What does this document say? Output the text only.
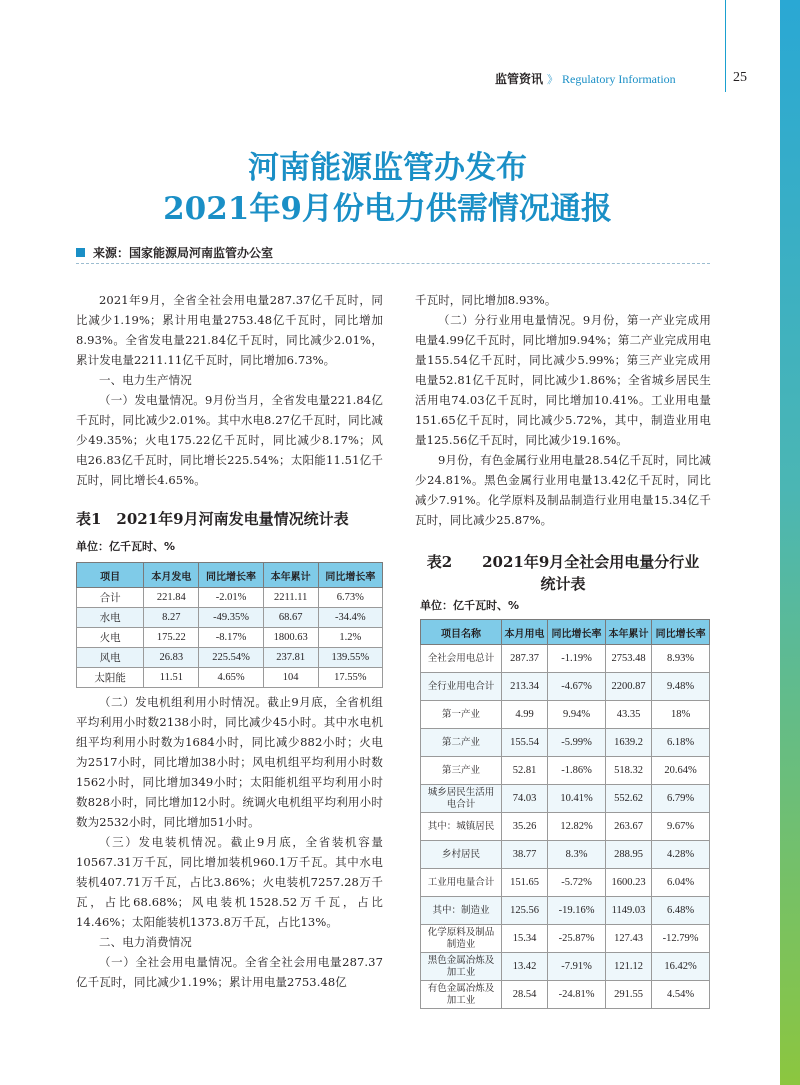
监管资讯 》 Regulatory Information	25
河南能源监管办发布
2021年9月份电力供需情况通报
来源：国家能源局河南监管办公室

2021年9月，全省全社会用电量287.37亿千瓦时，同比减少1.19%；累计用电量2753.48亿千瓦时，同比增加8.93%。全省发电量221.84亿千瓦时，同比减少2.01%，累计发电量2211.11亿千瓦时，同比增加6.73%。

一、电力生产情况

（一）发电量情况。9月份当月，全省发电量221.84亿千瓦时，同比减少2.01%。其中水电8.27亿千瓦时，同比减少49.35%；火电175.22亿千瓦时，同比减少8.17%；风电26.83亿千瓦时，同比增长225.54%；太阳能11.51亿千瓦时，同比增长4.65%。

表1　2021年9月河南发电量情况统计表
单位：亿千瓦时、%
项目	本月发电	同比增长率	本年累计	同比增长率
合计	221.84	-2.01%	2211.11	6.73%
水电	8.27	-49.35%	68.67	-34.4%
火电	175.22	-8.17%	1800.63	1.2%
风电	26.83	225.54%	237.81	139.55%
太阳能	11.51	4.65%	104	17.55%

（二）发电机组利用小时情况。截止9月底，全省机组平均利用小时数2138小时，同比减少45小时。其中水电机组平均利用小时数为1684小时，同比减少882小时；火电为2517小时，同比增加38小时；风电机组平均利用小时数1562小时，同比增加349小时；太阳能机组平均利用小时数828小时，同比增加12小时。统调火电机组平均利用小时数为2532小时，同比增加51小时。

（三）发电装机情况。截止9月底，全省装机容量10567.31万千瓦，同比增加装机960.1万千瓦。其中水电装机407.71万千瓦，占比3.86%；火电装机7257.28万千瓦，占比68.68%；风电装机1528.52万千瓦，占比14.46%；太阳能装机1373.8万千瓦，占比13%。

二、电力消费情况

（一）全社会用电量情况。全省全社会用电量287.37亿千瓦时，同比减少1.19%；累计用电量2753.48亿

千瓦时，同比增加8.93%。

（二）分行业用电量情况。9月份，第一产业完成用电量4.99亿千瓦时，同比增加9.94%；第二产业完成用电量155.54亿千瓦时，同比减少5.99%；第三产业完成用电量52.81亿千瓦时，同比减少1.86%；全省城乡居民生活用电74.03亿千瓦时，同比增加10.41%。工业用电量151.65亿千瓦时，同比减少5.72%，其中，制造业用电量125.56亿千瓦时，同比减少19.16%。

9月份，有色金属行业用电量28.54亿千瓦时，同比减少24.81%。黑色金属行业用电量13.42亿千瓦时，同比减少7.91%。化学原料及制品制造行业用电量15.34亿千瓦时，同比减少25.87%。

表2　　2021年9月全社会用电量分行业
统计表
单位：亿千瓦时、%
项目名称	本月用电	同比增长率	本年累计	同比增长率
全社会用电总计	287.37	-1.19%	2753.48	8.93%
全行业用电合计	213.34	-4.67%	2200.87	9.48%
第一产业	4.99	9.94%	43.35	18%
第二产业	155.54	-5.99%	1639.2	6.18%
第三产业	52.81	-1.86%	518.32	20.64%
城乡居民生活用电合计	74.03	10.41%	552.62	6.79%
其中：城镇居民	35.26	12.82%	263.67	9.67%
乡村居民	38.77	8.3%	288.95	4.28%
工业用电量合计	151.65	-5.72%	1600.23	6.04%
其中：制造业	125.56	-19.16%	1149.03	6.48%
化学原料及制品制造业	15.34	-25.87%	127.43	-12.79%
黑色金属冶炼及加工业	13.42	-7.91%	121.12	16.42%
有色金属冶炼及加工业	28.54	-24.81%	291.55	4.54%
